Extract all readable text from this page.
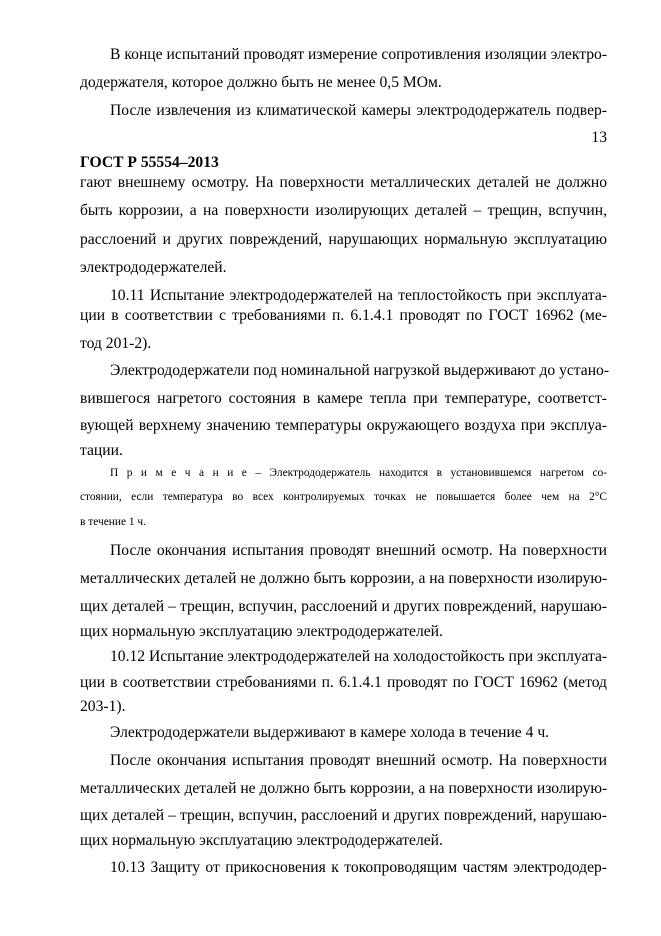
В конце испытаний проводят измерение сопротивления изоляции электро-
додержателя, которое должно быть не менее 0,5 МОм.
После извлечения из климатической камеры электрододержатель подвер-
13
ГОСТ Р 55554–2013
гают внешнему осмотру. На поверхности металлических деталей не должно
быть коррозии, а на поверхности изолирующих деталей – трещин, вспучин,
расслоений и других повреждений, нарушающих нормальную эксплуатацию
электрододержателей.
10.11 Испытание электрододержателей на теплостойкость при эксплуата-
ции в соответствии с требованиями п. 6.1.4.1 проводят по ГОСТ 16962 (ме-
тод 201-2).
Электрододержатели под номинальной нагрузкой выдерживают до устано-
вившегося нагретого состояния в камере тепла при температуре, соответст-
вующей верхнему значению температуры окружающего воздуха при эксплуа-
тации.
П р и м е ч а н и е – Электрододержатель находится в установившемся нагретом со-
стоянии, если температура во всех контролируемых точках не повышается более чем на 2°С
в течение 1 ч.
После окончания испытания проводят внешний осмотр. На поверхности
металлических деталей не должно быть коррозии, а на поверхности изолирую-
щих деталей – трещин, вспучин, расслоений и других повреждений, нарушаю-
щих нормальную эксплуатацию электрододержателей.
10.12 Испытание электрододержателей на холодостойкость при эксплуата-
ции в соответствии стребованиями п. 6.1.4.1 проводят по ГОСТ 16962 (метод
203-1).
Электрододержатели выдерживают в камере холода в течение 4 ч.
После окончания испытания проводят внешний осмотр. На поверхности
металлических деталей не должно быть коррозии, а на поверхности изолирую-
щих деталей – трещин, вспучин, расслоений и других повреждений, нарушаю-
щих нормальную эксплуатацию электрододержателей.
10.13 Защиту от прикосновения к токопроводящим частям электрододер-
